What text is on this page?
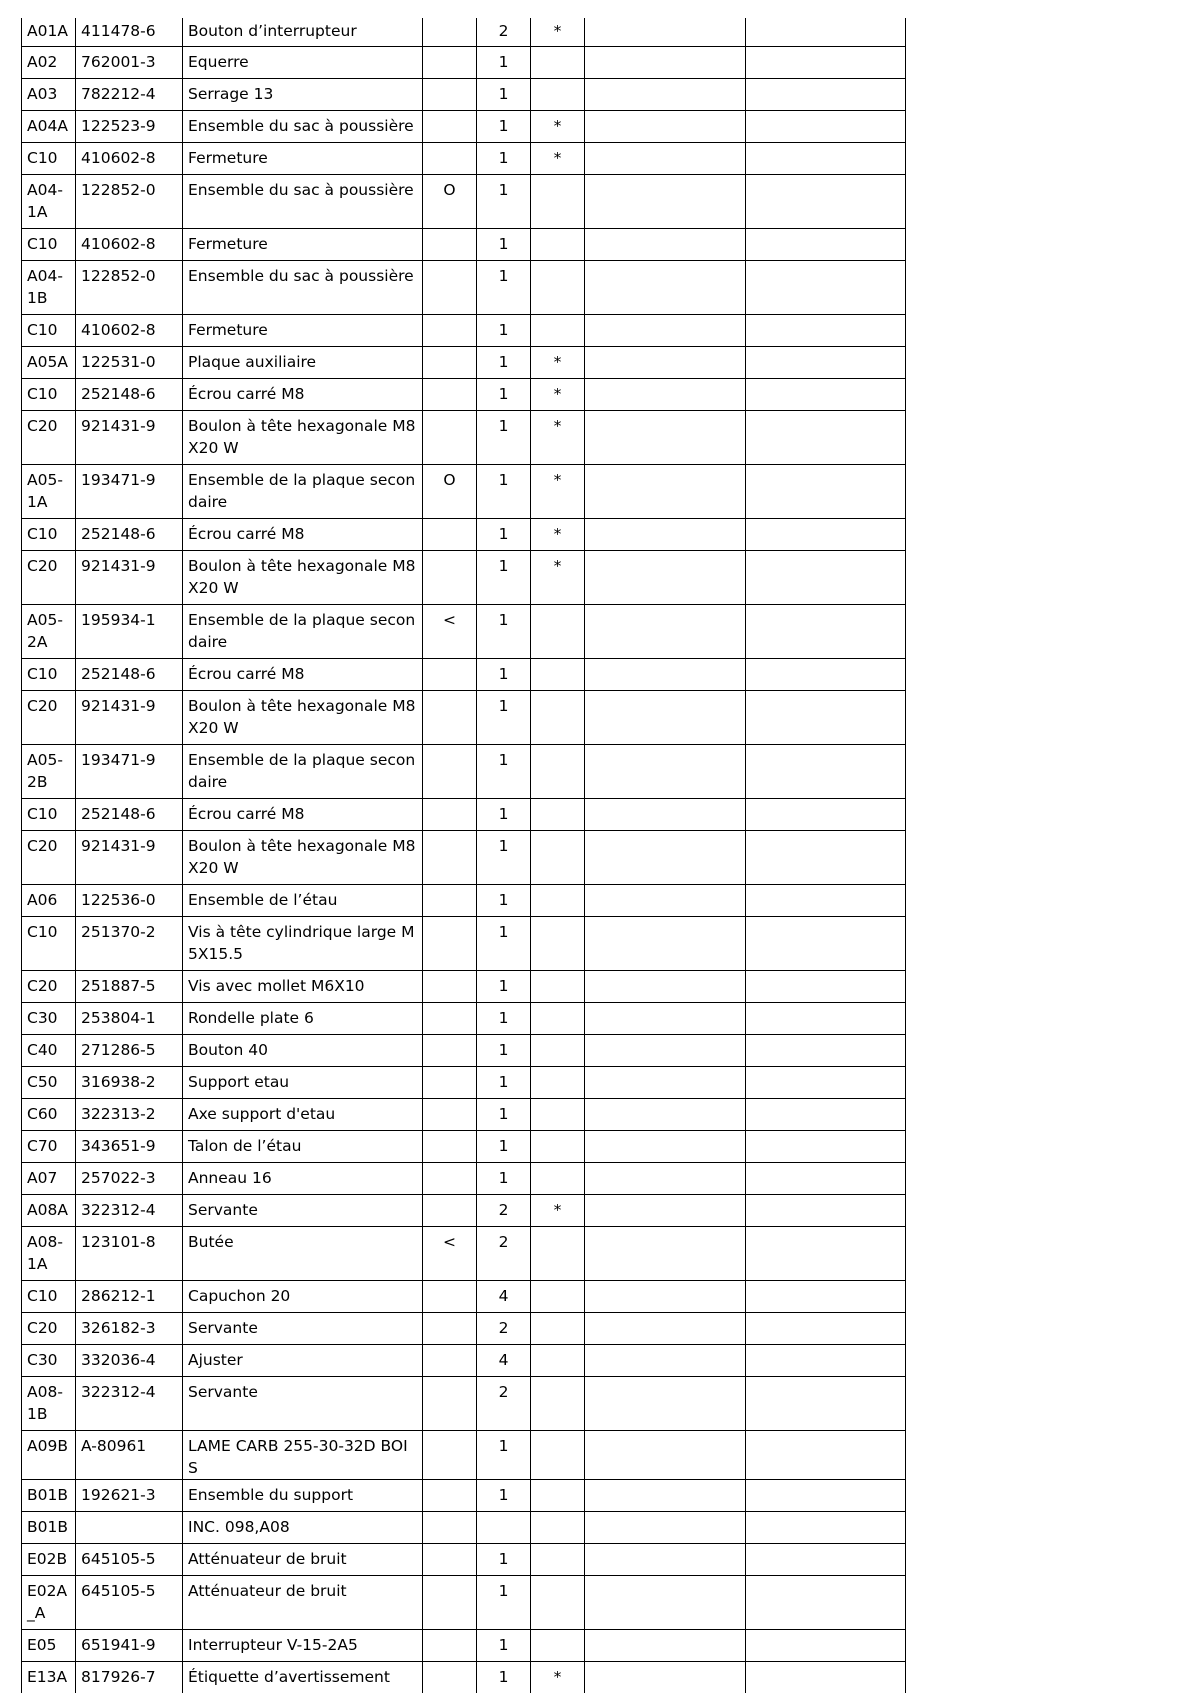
A01A	411478-6	Bouton d’interrupteur		2	*		
A02	762001-3	Equerre		1			
A03	782212-4	Serrage 13		1			
A04A	122523-9	Ensemble du sac à poussière		1	*		
C10	410602-8	Fermeture		1	*		
A04-1A	122852-0	Ensemble du sac à poussière	O	1			
C10	410602-8	Fermeture		1			
A04-1B	122852-0	Ensemble du sac à poussière		1			
C10	410602-8	Fermeture		1			
A05A	122531-0	Plaque auxiliaire		1	*		
C10	252148-6	Écrou carré M8		1	*		
C20	921431-9	Boulon à tête hexagonale M8X20 W		1	*		
A05-1A	193471-9	Ensemble de la plaque secondaire	O	1	*		
C10	252148-6	Écrou carré M8		1	*		
C20	921431-9	Boulon à tête hexagonale M8X20 W		1	*		
A05-2A	195934-1	Ensemble de la plaque secondaire	<	1			
C10	252148-6	Écrou carré M8		1			
C20	921431-9	Boulon à tête hexagonale M8X20 W		1			
A05-2B	193471-9	Ensemble de la plaque secondaire		1			
C10	252148-6	Écrou carré M8		1			
C20	921431-9	Boulon à tête hexagonale M8X20 W		1			
A06	122536-0	Ensemble de l’étau		1			
C10	251370-2	Vis à tête cylindrique large M5X15.5		1			
C20	251887-5	Vis avec mollet M6X10		1			
C30	253804-1	Rondelle plate 6		1			
C40	271286-5	Bouton 40		1			
C50	316938-2	Support etau		1			
C60	322313-2	Axe support d'etau		1			
C70	343651-9	Talon de l’étau		1			
A07	257022-3	Anneau 16		1			
A08A	322312-4	Servante		2	*		
A08-1A	123101-8	Butée	<	2			
C10	286212-1	Capuchon 20		4			
C20	326182-3	Servante		2			
C30	332036-4	Ajuster		4			
A08-1B	322312-4	Servante		2			
A09B	A-80961	LAME CARB 255-30-32D BOIS		1			
B01B	192621-3	Ensemble du support		1			
B01B		INC. 098,A08					
E02B	645105-5	Atténuateur de bruit		1			
E02A_A	645105-5	Atténuateur de bruit		1			
E05	651941-9	Interrupteur V-15-2A5		1			
E13A	817926-7	Étiquette d’avertissement		1	*		
